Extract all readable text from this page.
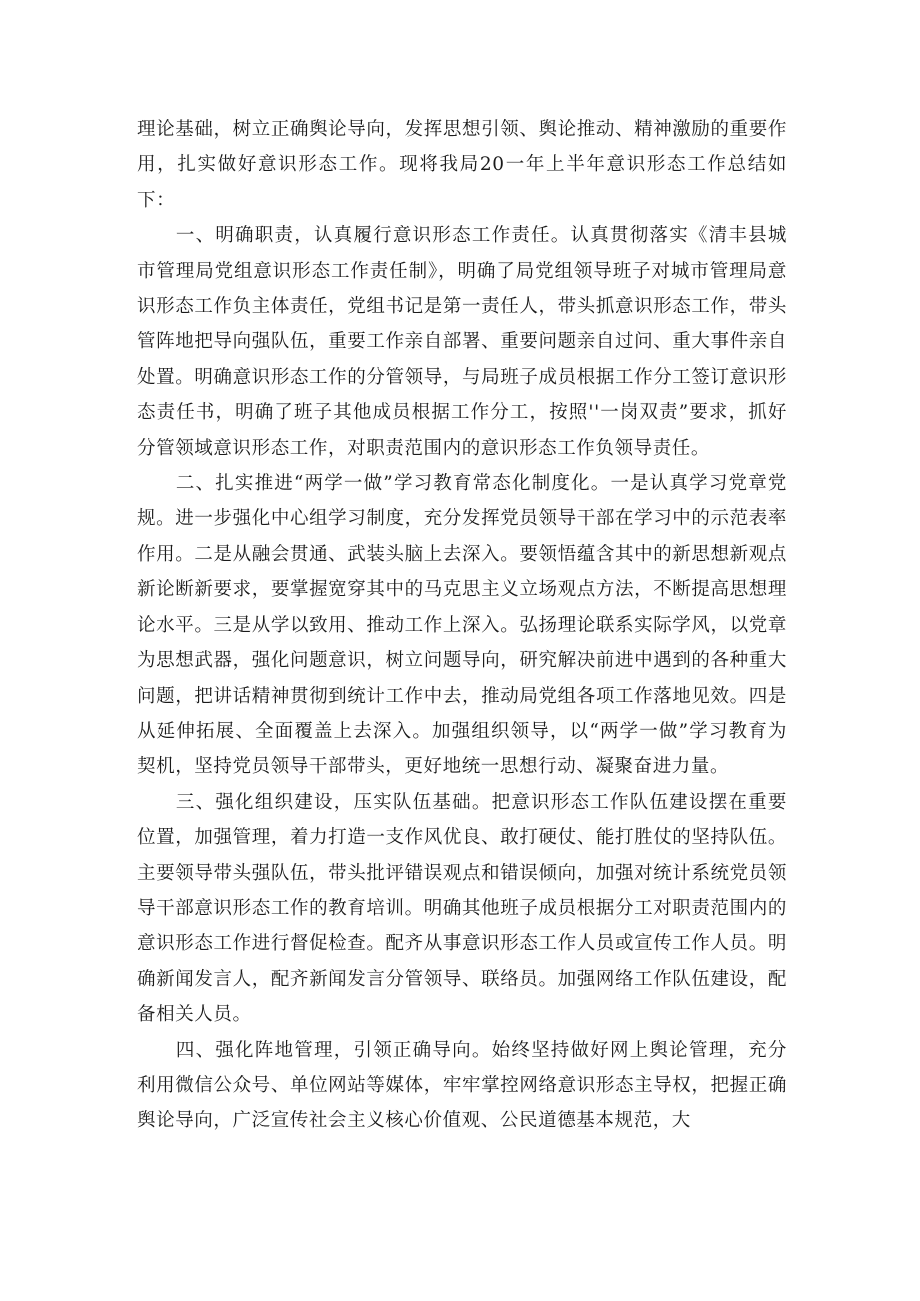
理论基础，树立正确舆论导向，发挥思想引领、舆论推动、精神激励的重要作用，扎实做好意识形态工作。现将我局20一年上半年意识形态工作总结如下：

一、明确职责，认真履行意识形态工作责任。认真贯彻落实《清丰县城市管理局党组意识形态工作责任制》，明确了局党组领导班子对城市管理局意识形态工作负主体责任，党组书记是第一责任人，带头抓意识形态工作，带头管阵地把导向强队伍，重要工作亲自部署、重要问题亲自过问、重大事件亲自处置。明确意识形态工作的分管领导，与局班子成员根据工作分工签订意识形态责任书，明确了班子其他成员根据工作分工，按照''一岗双责”要求，抓好分管领域意识形态工作，对职责范围内的意识形态工作负领导责任。

二、扎实推进“两学一做”学习教育常态化制度化。一是认真学习党章党规。进一步强化中心组学习制度，充分发挥党员领导干部在学习中的示范表率作用。二是从融会贯通、武装头脑上去深入。要领悟蕴含其中的新思想新观点新论断新要求，要掌握宽穿其中的马克思主义立场观点方法，不断提高思想理论水平。三是从学以致用、推动工作上深入。弘扬理论联系实际学风，以党章为思想武器，强化问题意识，树立问题导向，研究解决前进中遇到的各种重大问题，把讲话精神贯彻到统计工作中去，推动局党组各项工作落地见效。四是从延伸拓展、全面覆盖上去深入。加强组织领导，以“两学一做”学习教育为契机，坚持党员领导干部带头，更好地统一思想行动、凝聚奋进力量。

三、强化组织建设，压实队伍基础。把意识形态工作队伍建设摆在重要位置，加强管理，着力打造一支作风优良、敢打硬仗、能打胜仗的坚持队伍。主要领导带头强队伍，带头批评错误观点和错误倾向，加强对统计系统党员领导干部意识形态工作的教育培训。明确其他班子成员根据分工对职责范围内的意识形态工作进行督促检查。配齐从事意识形态工作人员或宣传工作人员。明确新闻发言人，配齐新闻发言分管领导、联络员。加强网络工作队伍建设，配备相关人员。

四、强化阵地管理，引领正确导向。始终坚持做好网上舆论管理，充分利用微信公众号、单位网站等媒体，牢牢掌控网络意识形态主导权，把握正确舆论导向，广泛宣传社会主义核心价值观、公民道德基本规范，大
